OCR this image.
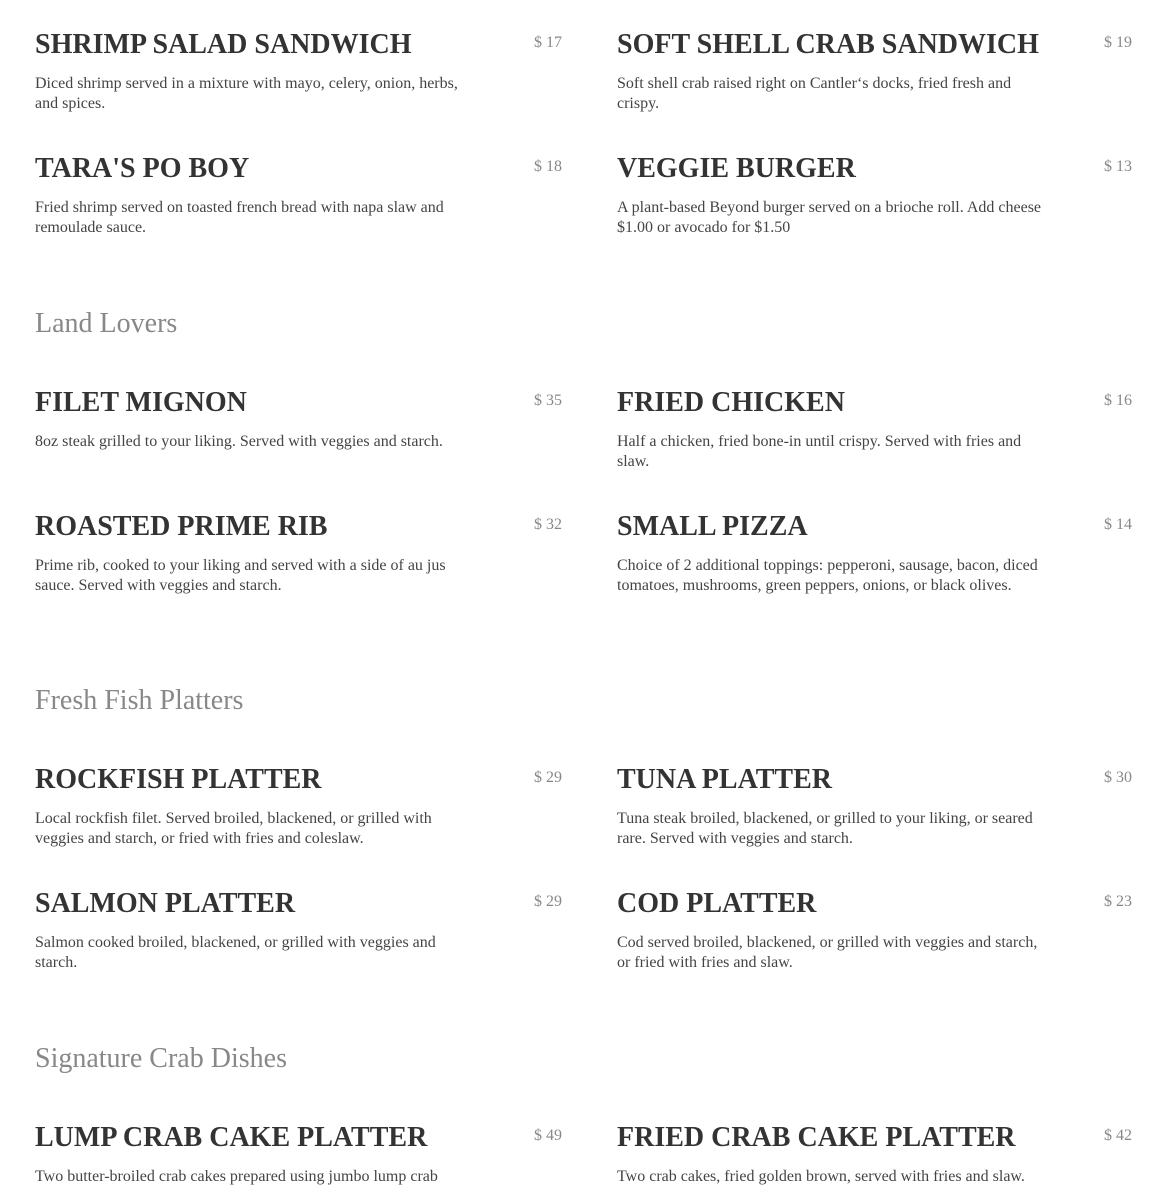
SHRIMP SALAD SANDWICH
Diced shrimp served in a mixture with mayo, celery, onion, herbs, and spices.
$ 17 SOFT SHELL CRAB SANDWICH
Soft shell crab raised right on Cantler‘s docks, fried fresh and crispy.
$ 19
TARA'S PO BOY
Fried shrimp served on toasted french bread with napa slaw and remoulade sauce.
$ 18 VEGGIE BURGER
A plant-based Beyond burger served on a brioche roll. Add cheese $1.00 or avocado for $1.50
$ 13
Land Lovers
FILET MIGNON
8oz steak grilled to your liking. Served with veggies and starch.
$ 35 FRIED CHICKEN
Half a chicken, fried bone-in until crispy. Served with fries and slaw.
$ 16
ROASTED PRIME RIB
Prime rib, cooked to your liking and served with a side of au jus sauce. Served with veggies and starch.
$ 32 SMALL PIZZA
Choice of 2 additional toppings: pepperoni, sausage, bacon, diced tomatoes, mushrooms, green peppers, onions, or black olives.
$ 14
Fresh Fish Platters
ROCKFISH PLATTER
Local rockfish filet. Served broiled, blackened, or grilled with veggies and starch, or fried with fries and coleslaw.
$ 29 TUNA PLATTER
Tuna steak broiled, blackened, or grilled to your liking, or seared rare. Served with veggies and starch.
$ 30
SALMON PLATTER
Salmon cooked broiled, blackened, or grilled with veggies and starch.
$ 29 COD PLATTER
Cod served broiled, blackened, or grilled with veggies and starch, or fried with fries and slaw.
$ 23
Signature Crab Dishes
LUMP CRAB CAKE PLATTER
Two butter-broiled crab cakes prepared using jumbo lump crab
$ 49 FRIED CRAB CAKE PLATTER
Two crab cakes, fried golden brown, served with fries and slaw.
$ 42
